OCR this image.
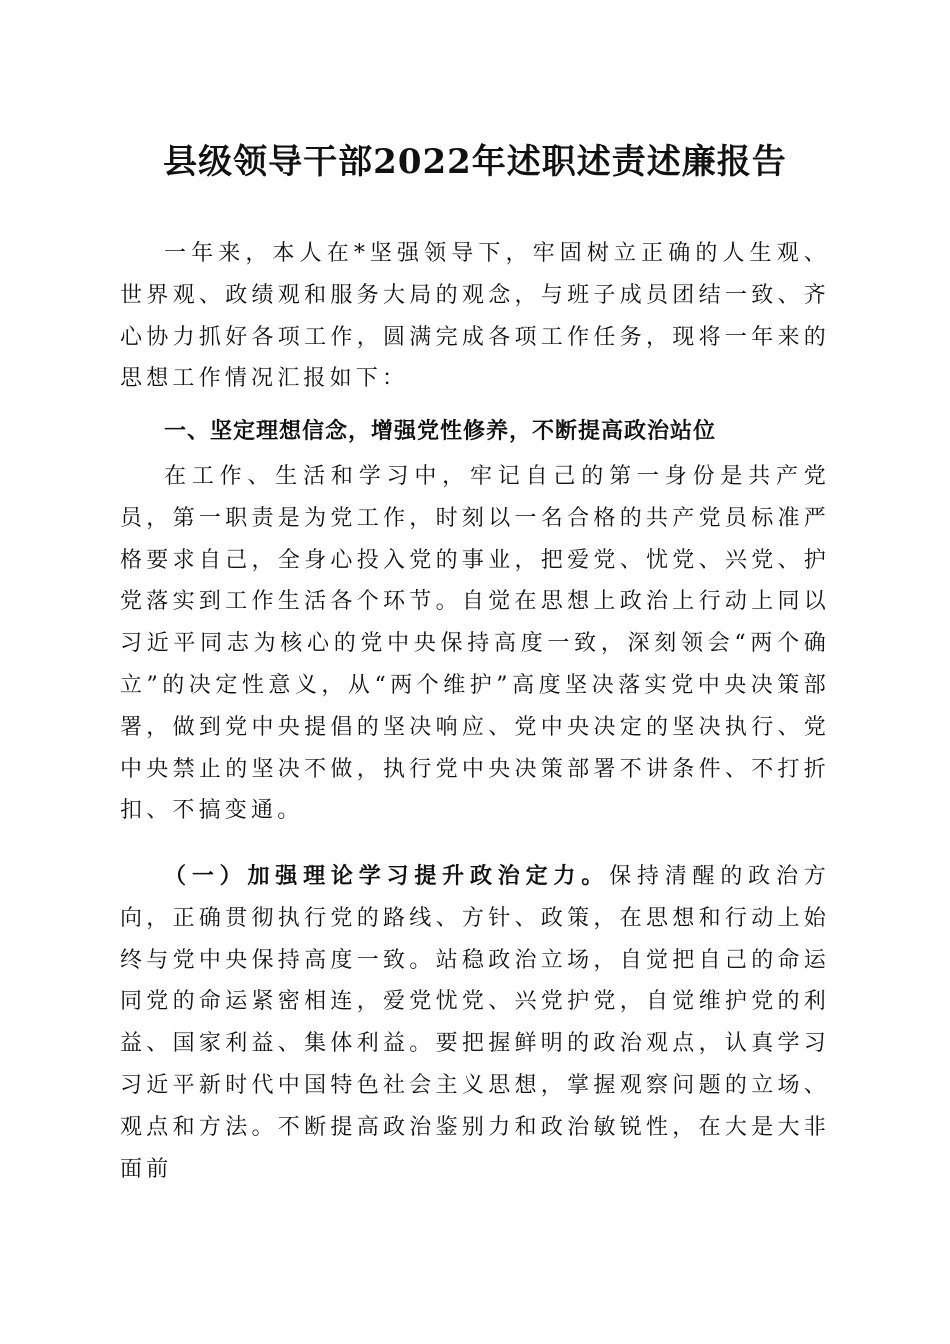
县级领导干部2022年述职述责述廉报告

一年来，本人在*坚强领导下，牢固树立正确的人生观、世界观、政绩观和服务大局的观念，与班子成员团结一致、齐心协力抓好各项工作，圆满完成各项工作任务，现将一年来的思想工作情况汇报如下：

一、坚定理想信念，增强党性修养，不断提高政治站位

在工作、生活和学习中，牢记自己的第一身份是共产党员，第一职责是为党工作，时刻以一名合格的共产党员标准严格要求自己，全身心投入党的事业，把爱党、忧党、兴党、护党落实到工作生活各个环节。自觉在思想上政治上行动上同以习近平同志为核心的党中央保持高度一致，深刻领会“两个确立”的决定性意义，从“两个维护”高度坚决落实党中央决策部署，做到党中央提倡的坚决响应、党中央决定的坚决执行、党中央禁止的坚决不做，执行党中央决策部署不讲条件、不打折扣、不搞变通。

（一）加强理论学习提升政治定力。保持清醒的政治方向，正确贯彻执行党的路线、方针、政策，在思想和行动上始终与党中央保持高度一致。站稳政治立场，自觉把自己的命运同党的命运紧密相连，爱党忧党、兴党护党，自觉维护党的利益、国家利益、集体利益。要把握鲜明的政治观点，认真学习习近平新时代中国特色社会主义思想，掌握观察问题的立场、观点和方法。不断提高政治鉴别力和政治敏锐性，在大是大非面前
